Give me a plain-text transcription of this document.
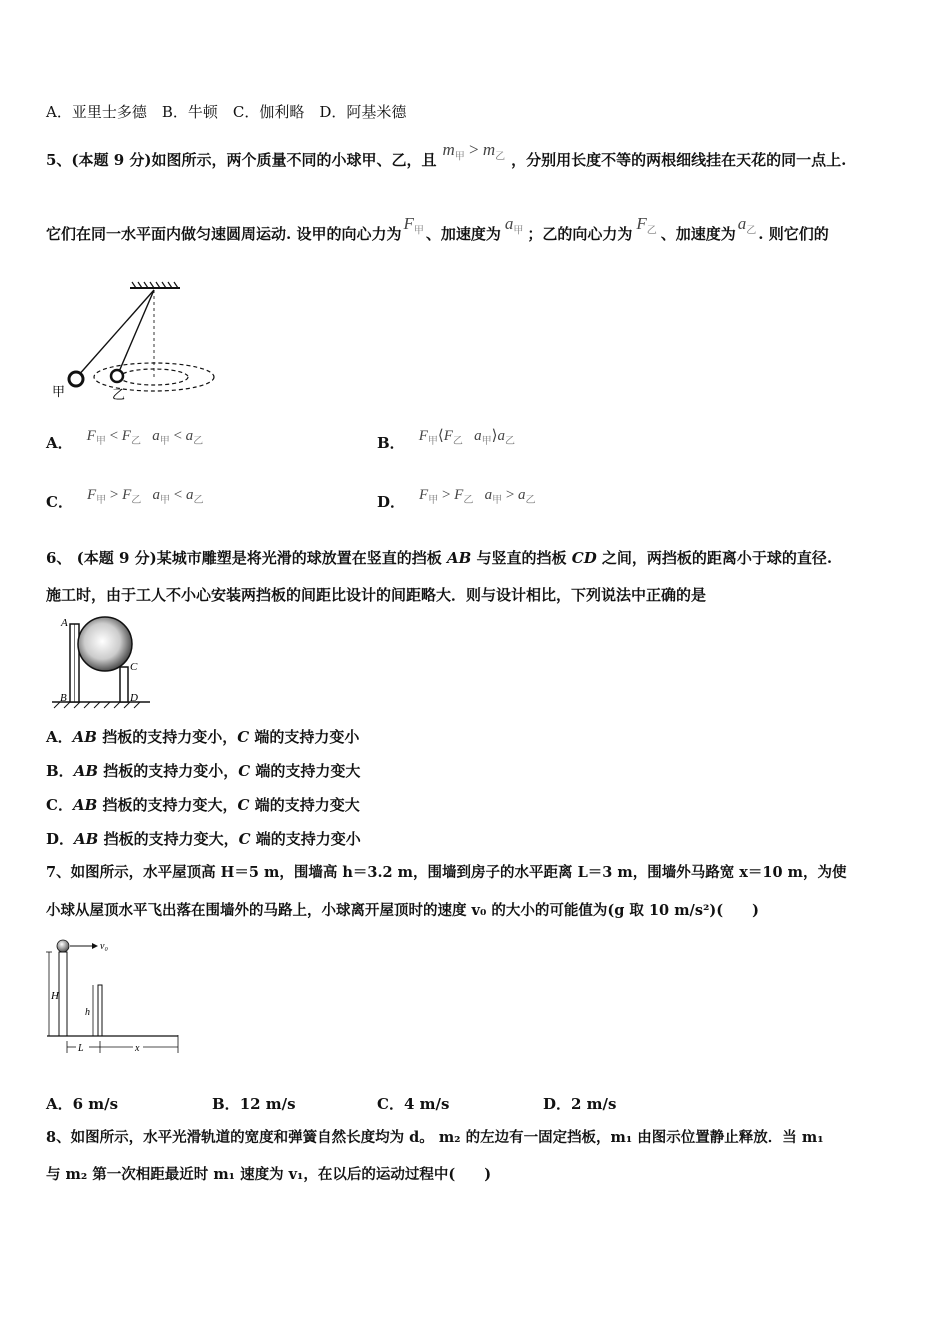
A．亚里士多德　B．牛顿　C．伽利略　D．阿基米德
5、(本题 9 分)如图所示，两个质量不同的小球甲、乙，且$m_甲 > m_乙$ ，分别用长度不等的两根细线挂在天花的同一点上.
它们在同一水平面内做匀速圆周运动. 设甲的向心力为$F_甲$ 、加速度为$a_甲$ ；乙的向心力为$F_乙$ 、加速度为$a_乙$ . 则它们的
甲	乙
A． $F_甲 < F_乙$ $a_甲 < a_乙$	B． $F_甲⟨F_乙$ $a_甲⟩a_乙$
C． $F_甲 > F_乙$ $a_甲 < a_乙$	D． $F_甲 > F_乙$ $a_甲 > a_乙$
6、 (本题 9 分)某城市雕塑是将光滑的球放置在竖直的挡板 AB 与竖直的挡板 CD 之间，两挡板的距离小于球的直径.
施工时，由于工人不小心安装两挡板的间距比设计的间距略大．则与设计相比，下列说法中正确的是
A
B
C
D
A．AB 挡板的支持力变小，C 端的支持力变小
B．AB 挡板的支持力变小，C 端的支持力变大
C．AB 挡板的支持力变大，C 端的支持力变大
D．AB 挡板的支持力变大，C 端的支持力变小
7、如图所示，水平屋顶高 H＝5 m，围墙高 h＝3.2 m，围墙到房子的水平距离 L＝3 m，围墙外马路宽 x＝10 m，为使
小球从屋顶水平飞出落在围墙外的马路上，小球离开屋顶时的速度 v₀ 的大小的可能值为(g 取 10 m/s²)(　　)
v₀
H
h
L	x
A．6 m/s	B．12 m/s	C．4 m/s	D．2 m/s
8、如图所示，水平光滑轨道的宽度和弹簧自然长度均为 d。 m₂ 的左边有一固定挡板，m₁ 由图示位置静止释放．当 m₁
与 m₂ 第一次相距最近时 m₁ 速度为 v₁，在以后的运动过程中(　　)
